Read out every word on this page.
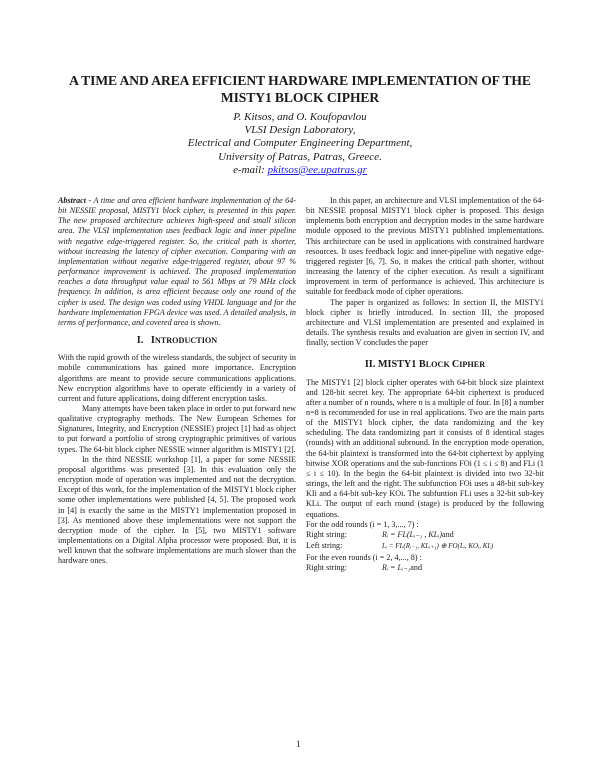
A TIME AND AREA EFFICIENT HARDWARE IMPLEMENTATION OF THE
MISTY1 BLOCK CIPHER
P. Kitsos, and O. Koufopavlou
VLSI Design Laboratory,
Electrical and Computer Engineering Department,
University of Patras, Patras, Greece.
e-mail: pkitsos@ee.upatras.gr

Abstract - A time and area efficient hardware implementation of the 64-bit NESSIE proposal, MISTY1 block cipher, is presented in this paper. The new proposed architecture achieves high-speed and small silicon area. The VLSI implementation uses feedback logic and inner pipeline with negative edge-triggered register. So, the critical path is shorter, without increasing the latency of cipher execution. Comparing with an implementation without negative edge-triggered register, about 97 % performance improvement is achieved. The proposed implementation reaches a data throughput value equal to 561 Mbps at 79 MHz clock frequency. In addition, is area efficient because only one round of the cipher is used. The design was coded using VHDL language and for the hardware implementation FPGA device was used. A detailed analysis, in terms of performance, and covered area is shown.

I. INTRODUCTION

With the rapid growth of the wireless standards, the subject of security in mobile communications has gained more importance. Encryption algorithms are meant to provide secure communications applications. New encryption algorithms have to operate efficiently in a variety of current and future applications, doing different encryption tasks.

Many attempts have been taken place in order to put forward new qualitative cryptography methods. The New European Schemes for Signatures, Integrity, and Encryption (NESSIE) project [1] had as object to put forward a portfolio of strong cryptographic primitives of various types. The 64-bit block cipher NESSIE winner algorithm is MISTY1 [2].

In the third NESSIE workshop [1], a paper for some NESSIE proposal algorithms was presented [3]. In this evaluation only the encryption mode of operation was implemented and not the decryption. Except of this work, for the implementation of the MISTY1 block cipher some other implementations were published [4, 5]. The proposed work in [4] is exactly the same as the MISTY1 implementation proposed in [3]. As mentioned above these implementations were not support the decryption mode of the cipher. In [5], two MISTY1 software implementations on a Digital Alpha processor were proposed. But, it is well known that the software implementations are much slower than the hardware ones.

In this paper, an architecture and VLSI implementation of the 64-bit NESSIE proposal MISTY1 block cipher is proposed. This design implements both encryption and decryption modes in the same hardware module opposed to the previous MISTY1 published implementations. This architecture can be used in applications with constrained hardware resources. It uses feedback logic and inner-pipeline with negative edge-triggered register [6, 7]. So, it makes the critical path shorter, without increasing the latency of the cipher execution. As result a significant improvement in term of performance is achieved. This architecture is suitable for feedback mode of cipher operations.

The paper is organized as follows: In section II, the MISTY1 block cipher is briefly introduced. In section III, the proposed architecture and VLSI implementation are presented and explained in details. The synthesis results and evaluation are given in section IV, and finally, section V concludes the paper

II. MISTY1 BLOCK CIPHER

The MISTY1 [2] block cipher operates with 64-bit block size plaintext and 128-bit secret key. The appropriate 64-bit ciphertext is produced after a number of n rounds, where n is a multiple of four. In [8] a number n=8 is recommended for use in real applications. Two are the main parts of the MISTY1 block cipher, the data randomizing and the key scheduling. The data randomizing part it consists of 8 identical stages (rounds) with an additional subround. In the encryption mode operation, the 64-bit plaintext is transformed into the 64-bit ciphertext by applying bitwise XOR operations and the sub-functions FOi (1 ≤ i ≤ 8) and FLi (1 ≤ i ≤ 10). In the begin the 64-bit plaintext is divided into two 32-bit strings, the left and the right. The subfunction FOi uses a 48-bit sub-key KIi and a 64-bit sub-key KOi. The subfuntion FLi uses a 32-bit sub-key KLi. The output of each round (stage) is produced by the following equations.

For the odd rounds (i = 1, 3,..., 7) :

Right string:	Rᵢ = FL(Lᵢ₋₁ , KLᵢ) and
Left string:	Lᵢ = FL(Rᵢ₋₁, KLᵢ₊₁) ⊕ FO(Lᵢ, KOᵢ, KIᵢ)

For the even rounds (i = 2, 4,..., 8) :

Right string:	Rᵢ = Lᵢ₋₁ and
1
